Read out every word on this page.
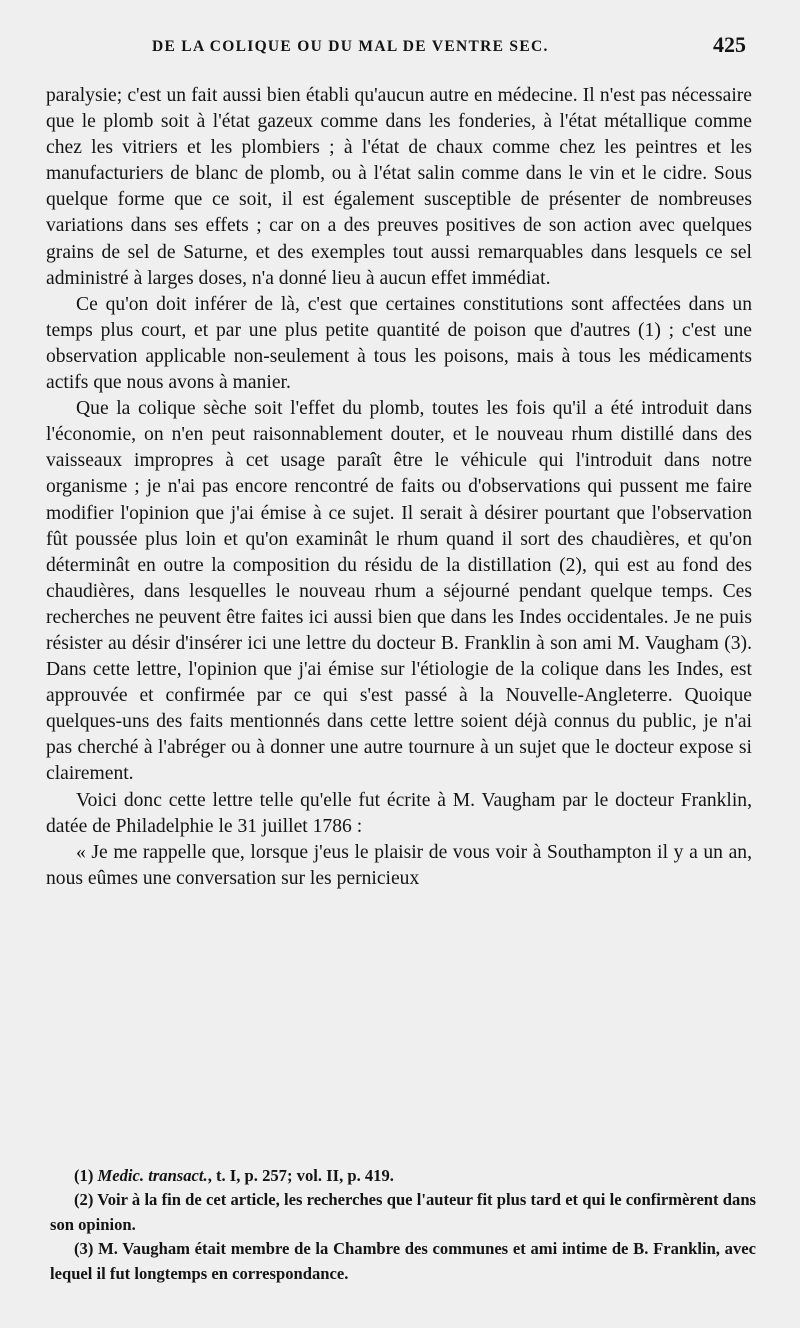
DE LA COLIQUE OU DU MAL DE VENTRE SEC.	425

paralysie; c'est un fait aussi bien établi qu'aucun autre en médecine. Il n'est pas nécessaire que le plomb soit à l'état gazeux comme dans les fonderies, à l'état métallique comme chez les vitriers et les plombiers ; à l'état de chaux comme chez les peintres et les manufacturiers de blanc de plomb, ou à l'état salin comme dans le vin et le cidre. Sous quelque forme que ce soit, il est également susceptible de présenter de nombreuses variations dans ses effets ; car on a des preuves positives de son action avec quelques grains de sel de Saturne, et des exemples tout aussi remarquables dans lesquels ce sel administré à larges doses, n'a donné lieu à aucun effet immédiat.

Ce qu'on doit inférer de là, c'est que certaines constitutions sont affectées dans un temps plus court, et par une plus petite quantité de poison que d'autres (1) ; c'est une observation applicable non-seulement à tous les poisons, mais à tous les médicaments actifs que nous avons à manier.

Que la colique sèche soit l'effet du plomb, toutes les fois qu'il a été introduit dans l'économie, on n'en peut raisonnablement douter, et le nouveau rhum distillé dans des vaisseaux impropres à cet usage paraît être le véhicule qui l'introduit dans notre organisme ; je n'ai pas encore rencontré de faits ou d'observations qui pussent me faire modifier l'opinion que j'ai émise à ce sujet. Il serait à désirer pourtant que l'observation fût poussée plus loin et qu'on examinât le rhum quand il sort des chaudières, et qu'on déterminât en outre la composition du résidu de la distillation (2), qui est au fond des chaudières, dans lesquelles le nouveau rhum a séjourné pendant quelque temps. Ces recherches ne peuvent être faites ici aussi bien que dans les Indes occidentales. Je ne puis résister au désir d'insérer ici une lettre du docteur B. Franklin à son ami M. Vaugham (3). Dans cette lettre, l'opinion que j'ai émise sur l'étiologie de la colique dans les Indes, est approuvée et confirmée par ce qui s'est passé à la Nouvelle-Angleterre. Quoique quelques-uns des faits mentionnés dans cette lettre soient déjà connus du public, je n'ai pas cherché à l'abréger ou à donner une autre tournure à un sujet que le docteur expose si clairement.

Voici donc cette lettre telle qu'elle fut écrite à M. Vaugham par le docteur Franklin, datée de Philadelphie le 31 juillet 1786 :

« Je me rappelle que, lorsque j'eus le plaisir de vous voir à Southampton il y a un an, nous eûmes une conversation sur les pernicieux

(1) Medic. transact., t. I, p. 257; vol. II, p. 419.

(2) Voir à la fin de cet article, les recherches que l'auteur fit plus tard et qui le confirmèrent dans son opinion.

(3) M. Vaugham était membre de la Chambre des communes et ami intime de B. Franklin, avec lequel il fut longtemps en correspondance.
